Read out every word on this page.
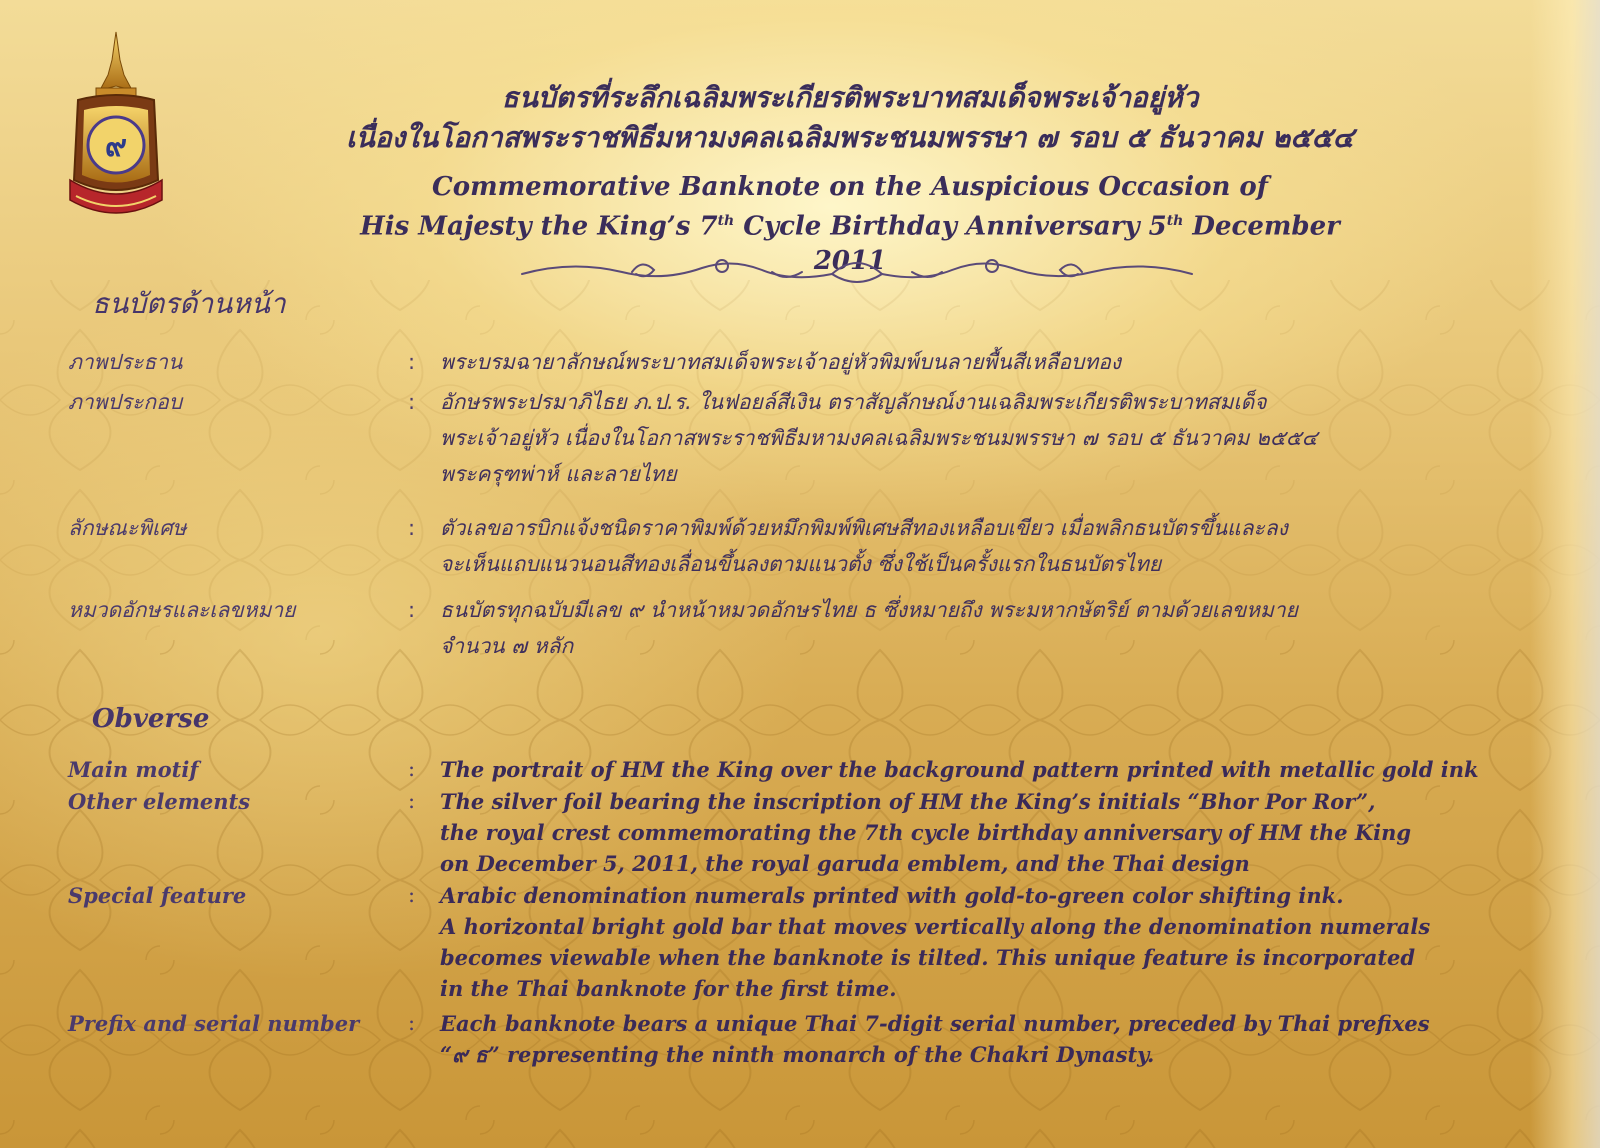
๙
ธนบัตรที่ระลึกเฉลิมพระเกียรติพระบาทสมเด็จพระเจ้าอยู่หัว
เนื่องในโอกาสพระราชพิธีมหามงคลเฉลิมพระชนมพรรษา ๗ รอบ ๕ ธันวาคม ๒๕๕๔
Commemorative Banknote on the Auspicious Occasion of
His Majesty the King’s 7th Cycle Birthday Anniversary 5th December 2011
ธนบัตรด้านหน้า
ภาพประธาน	:	พระบรมฉายาลักษณ์พระบาทสมเด็จพระเจ้าอยู่หัวพิมพ์บนลายพื้นสีเหลือบทอง
ภาพประกอบ	:	อักษรพระปรมาภิไธย ภ.ป.ร. ในฟอยล์สีเงิน ตราสัญลักษณ์งานเฉลิมพระเกียรติพระบาทสมเด็จ
พระเจ้าอยู่หัว เนื่องในโอกาสพระราชพิธีมหามงคลเฉลิมพระชนมพรรษา ๗ รอบ ๕ ธันวาคม ๒๕๕๔
พระครุฑพ่าห์ และลายไทย
ลักษณะพิเศษ	:	ตัวเลขอารบิกแจ้งชนิดราคาพิมพ์ด้วยหมึกพิมพ์พิเศษสีทองเหลือบเขียว เมื่อพลิกธนบัตรขึ้นและลง
จะเห็นแถบแนวนอนสีทองเลื่อนขึ้นลงตามแนวตั้ง ซึ่งใช้เป็นครั้งแรกในธนบัตรไทย
หมวดอักษรและเลขหมาย	:	ธนบัตรทุกฉบับมีเลข ๙ นำหน้าหมวดอักษรไทย ธ ซึ่งหมายถึง พระมหากษัตริย์ ตามด้วยเลขหมาย
จำนวน ๗ หลัก
Obverse
Main motif	:	The portrait of HM the King over the background pattern printed with metallic gold ink
Other elements	:	The silver foil bearing the inscription of HM the King’s initials “Bhor Por Ror”,
the royal crest commemorating the 7th cycle birthday anniversary of HM the King
on December 5, 2011, the royal garuda emblem, and the Thai design
Special feature	:	Arabic denomination numerals printed with gold-to-green color shifting ink.
A horizontal bright gold bar that moves vertically along the denomination numerals
becomes viewable when the banknote is tilted. This unique feature is incorporated
in the Thai banknote for the first time.
Prefix and serial number	:	Each banknote bears a unique Thai 7-digit serial number, preceded by Thai prefixes
“๙ ธ” representing the ninth monarch of the Chakri Dynasty.
